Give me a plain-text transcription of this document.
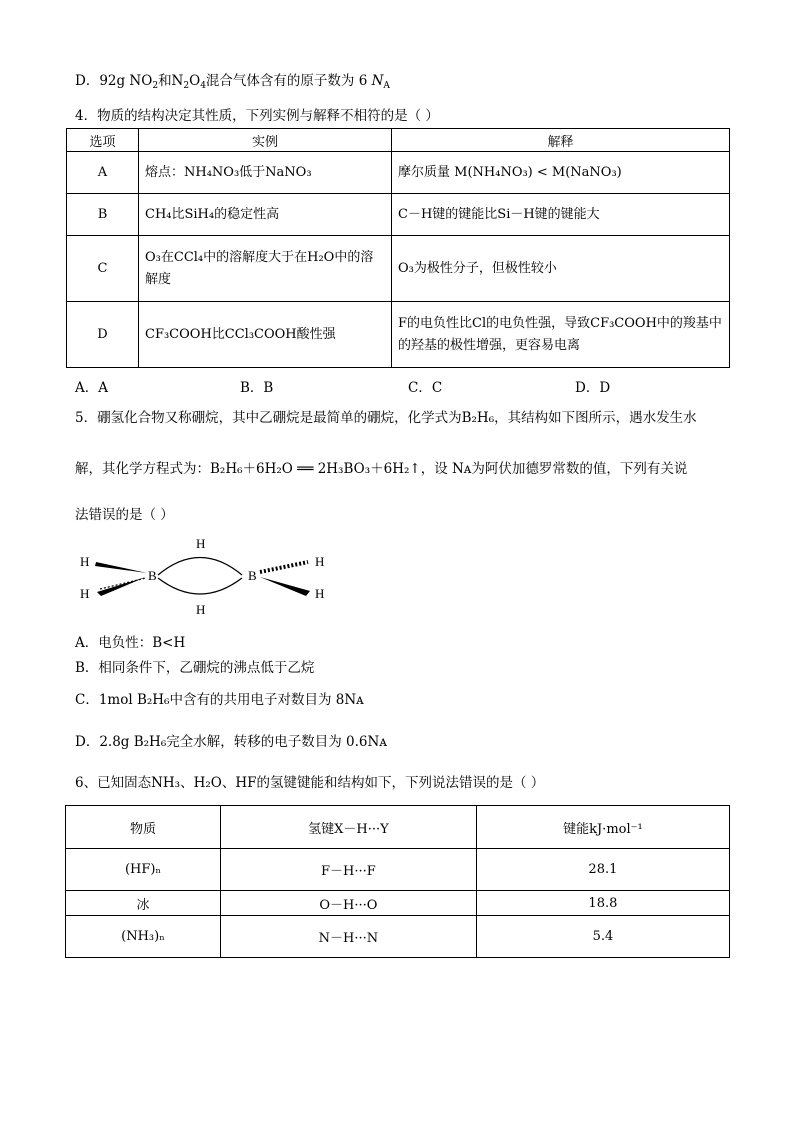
D．92g $NO_2$和$N_2O_4$混合气体含有的原子数为 6 $N_A$
4．物质的结构决定其性质，下列实例与解释不相符的是（ ）
选项	实例	解释
A	熔点：NH₄NO₃低于NaNO₃	摩尔质量 M(NH₄NO₃) < M(NaNO₃)
B	CH₄比SiH₄的稳定性高	C－H键的键能比Si－H键的键能大
C	O₃在CCl₄中的溶解度大于在H₂O中的溶解度	O₃为极性分子，但极性较小
D	CF₃COOH比CCl₃COOH酸性强	F的电负性比Cl的电负性强，导致CF₃COOH中的羧基中的羟基的极性增强，更容易电离
A．A	B．B	C．C	D．D
5．硼氢化合物又称硼烷，其中乙硼烷是最简单的硼烷，化学式为B₂H₆，其结构如下图所示，遇水发生水
解，其化学方程式为：B₂H₆＋6H₂O ══ 2H₃BO₃＋6H₂↑，设 Nᴀ为阿伏加德罗常数的值，下列有关说
法错误的是（ ）
B	B
H
H
H
H
H
H
A．电负性：B<H
B．相同条件下，乙硼烷的沸点低于乙烷
C．1mol B₂H₆中含有的共用电子对数目为 8Nᴀ
D．2.8g B₂H₆完全水解，转移的电子数目为 0.6Nᴀ
6、已知固态NH₃、H₂O、HF的氢键键能和结构如下，下列说法错误的是（ ）
物质	氢键X－H···Y	键能kJ·mol⁻¹
(HF)ₙ	F－H···F	28.1
冰	O－H···O	18.8
(NH₃)ₙ	N－H···N	5.4
